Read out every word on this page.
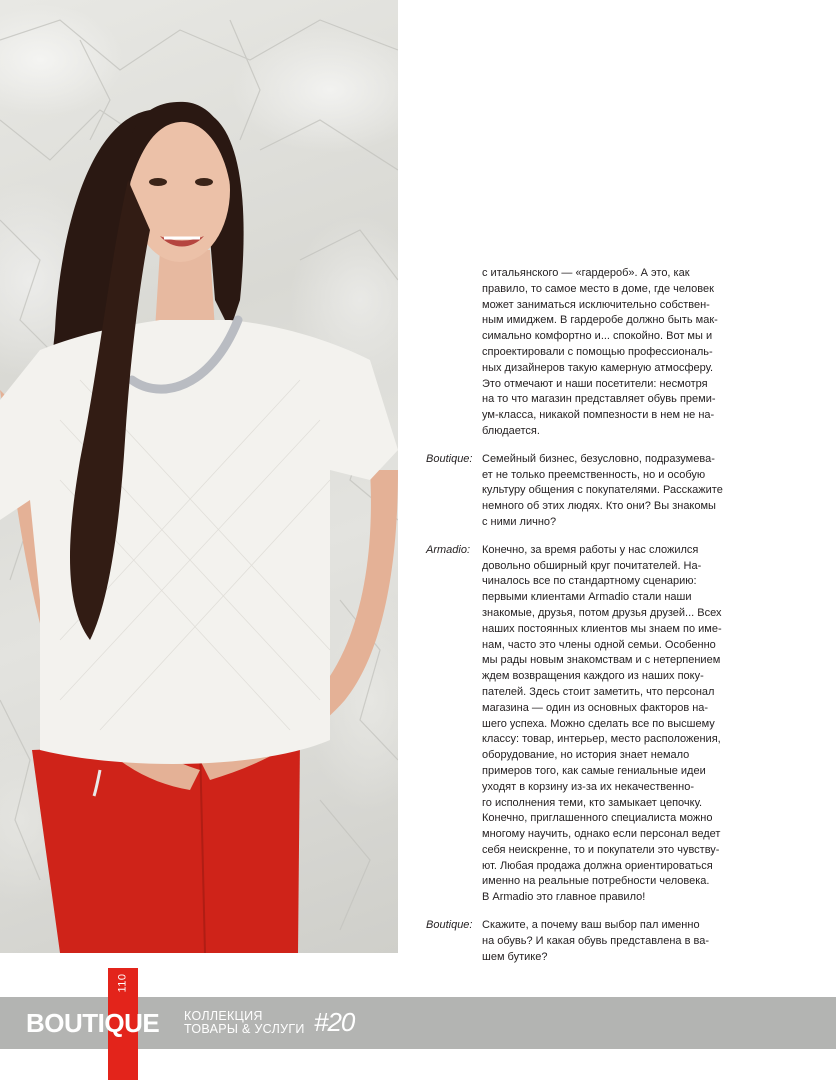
с итальянского — «гардероб». А это, как
правило, то самое место в доме, где человек
может заниматься исключительно собствен-
ным имиджем. В гардеробе должно быть мак-
симально комфортно и... спокойно. Вот мы и
спроектировали с помощью профессиональ-
ных дизайнеров такую камерную атмосферу.
Это отмечают и наши посетители: несмотря
на то что магазин представляет обувь преми-
ум-класса, никакой помпезности в нем не на-
блюдается.
Boutique: Семейный бизнес, безусловно, подразумева-
ет не только преемственность, но и особую
культуру общения с покупателями. Расскажите
немного об этих людях. Кто они? Вы знакомы
с ними лично?
Armadio:	Конечно, за время работы у нас сложился
довольно обширный круг почитателей. На-
чиналось все по стандартному сценарию:
первыми клиентами Armadio стали наши
знакомые, друзья, потом друзья друзей... Всех
наших постоянных клиентов мы знаем по име-
нам, часто это члены одной семьи. Особенно
мы рады новым знакомствам и с нетерпением
ждем возвращения каждого из наших поку-
пателей. Здесь стоит заметить, что персонал
магазина — один из основных факторов на-
шего успеха. Можно сделать все по высшему
классу: товар, интерьер, место расположения,
оборудование, но история знает немало
примеров того, как самые гениальные идеи
уходят в корзину из-за их некачественно-
го исполнения теми, кто замыкает цепочку.
Конечно, приглашенного специалиста можно
многому научить, однако если персонал ведет
себя неискренне, то и покупатели это чувству-
ют. Любая продажа должна ориентироваться
именно на реальные потребности человека.
В Armadio это главное правило!
Boutique: Скажите, а почему ваш выбор пал именно
на обувь? И какая обувь представлена в ва-
шем бутике?
110
BOUTIQUE КОЛЛЕКЦИЯ
ТОВАРЫ & УСЛУГИ #20
